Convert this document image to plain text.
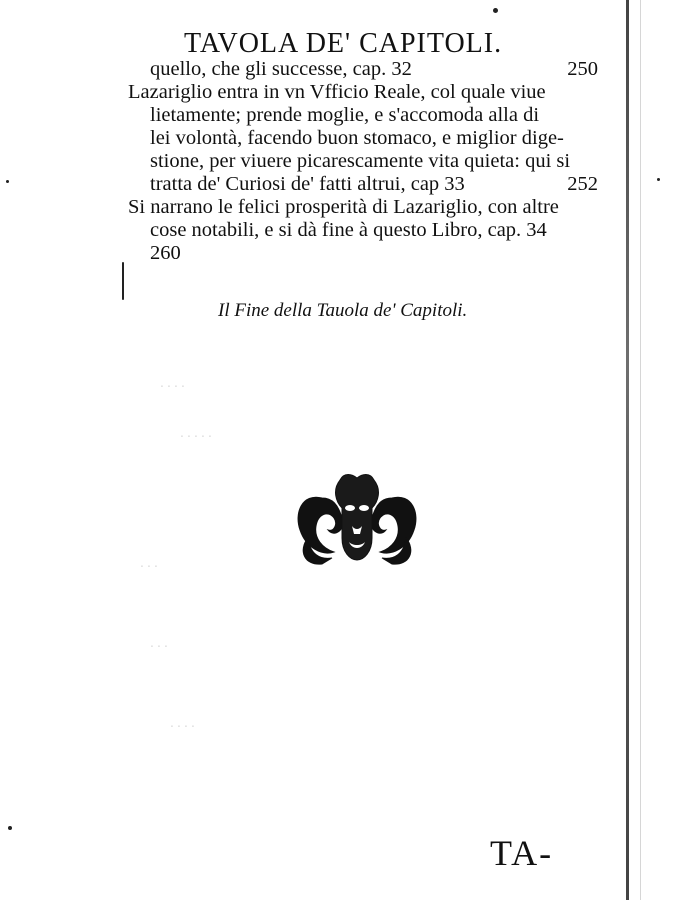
· · · ·
· · · · ·
· · ·
· · ·
· · · ·
TAVOLA DE' CAPITOLI.
quello, che gli successe, cap. 32	250
Lazariglio entra in vn Vfficio Reale, col quale viue
lietamente; prende moglie, e s'accomoda alla di
lei volontà, facendo buon stomaco, e miglior dige-
stione, per viuere picarescamente vita quieta: qui si
tratta de' Curiosi de' fatti altrui, cap 33	252
Si narrano le felici prosperità di Lazariglio, con altre
cose notabili, e si dà fine à questo Libro, cap. 34
260
Il Fine della Tauola de' Capitoli.
TA-
